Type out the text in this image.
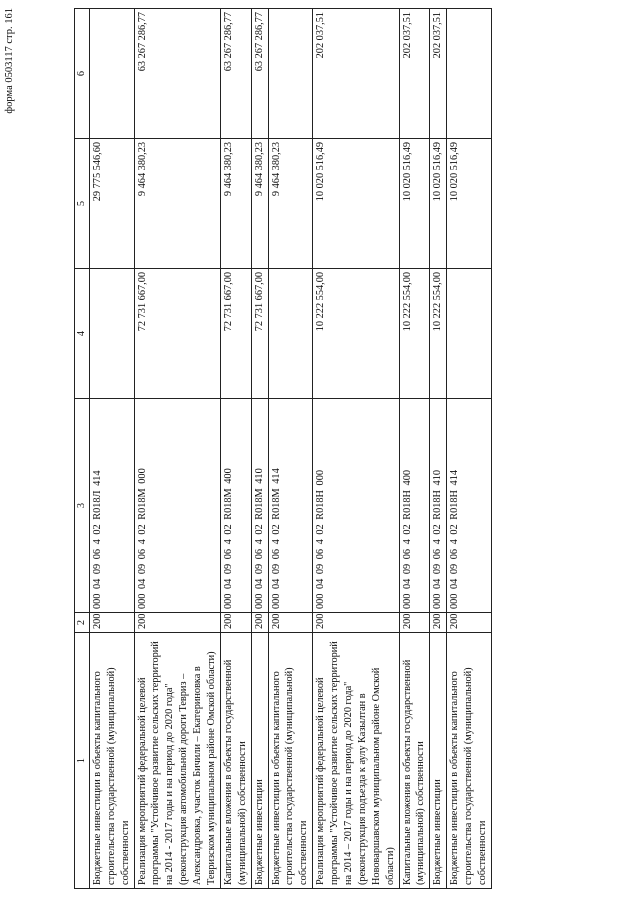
форма 0503117 стр. 161
1	2	3	4	5	6
Бюджетные инвестиции в объекты капитального строительства государственной (муниципальной) собственности	200	000 04 09 06 4 02 R018Л 414		29 775 546,60	
Реализация мероприятий федеральной целевой программы "Устойчивое развитие сельских территорий на 2014 - 2017 годы и на период до 2020 года" (реконструкция автомобильной дороги Тевриз – Александровка, участок Бичили – Екатериновка в Тевризском муниципальном районе Омской области)	200	000 04 09 06 4 02 R018M 000	72 731 667,00	9 464 380,23	63 267 286,77
Капитальные вложения в объекты государственной (муниципальной) собственности	200	000 04 09 06 4 02 R018M 400	72 731 667,00	9 464 380,23	63 267 286,77
Бюджетные инвестиции	200	000 04 09 06 4 02 R018M 410	72 731 667,00	9 464 380,23	63 267 286,77
Бюджетные инвестиции в объекты капитального строительства государственной (муниципальной) собственности	200	000 04 09 06 4 02 R018M 414		9 464 380,23	
Реализация мероприятий федеральной целевой программы "Устойчивое развитие сельских территорий на 2014 – 2017 годы и на период до 2020 года" (реконструкция подъезда к аулу Казылтан в Нововаршавском муниципальном районе Омской области)	200	000 04 09 06 4 02 R018H 000	10 222 554,00	10 020 516,49	202 037,51
Капитальные вложения в объекты государственной (муниципальной) собственности	200	000 04 09 06 4 02 R018H 400	10 222 554,00	10 020 516,49	202 037,51
Бюджетные инвестиции	200	000 04 09 06 4 02 R018H 410	10 222 554,00	10 020 516,49	202 037,51
Бюджетные инвестиции в объекты капитального строительства государственной (муниципальной) собственности	200	000 04 09 06 4 02 R018H 414		10 020 516,49	
